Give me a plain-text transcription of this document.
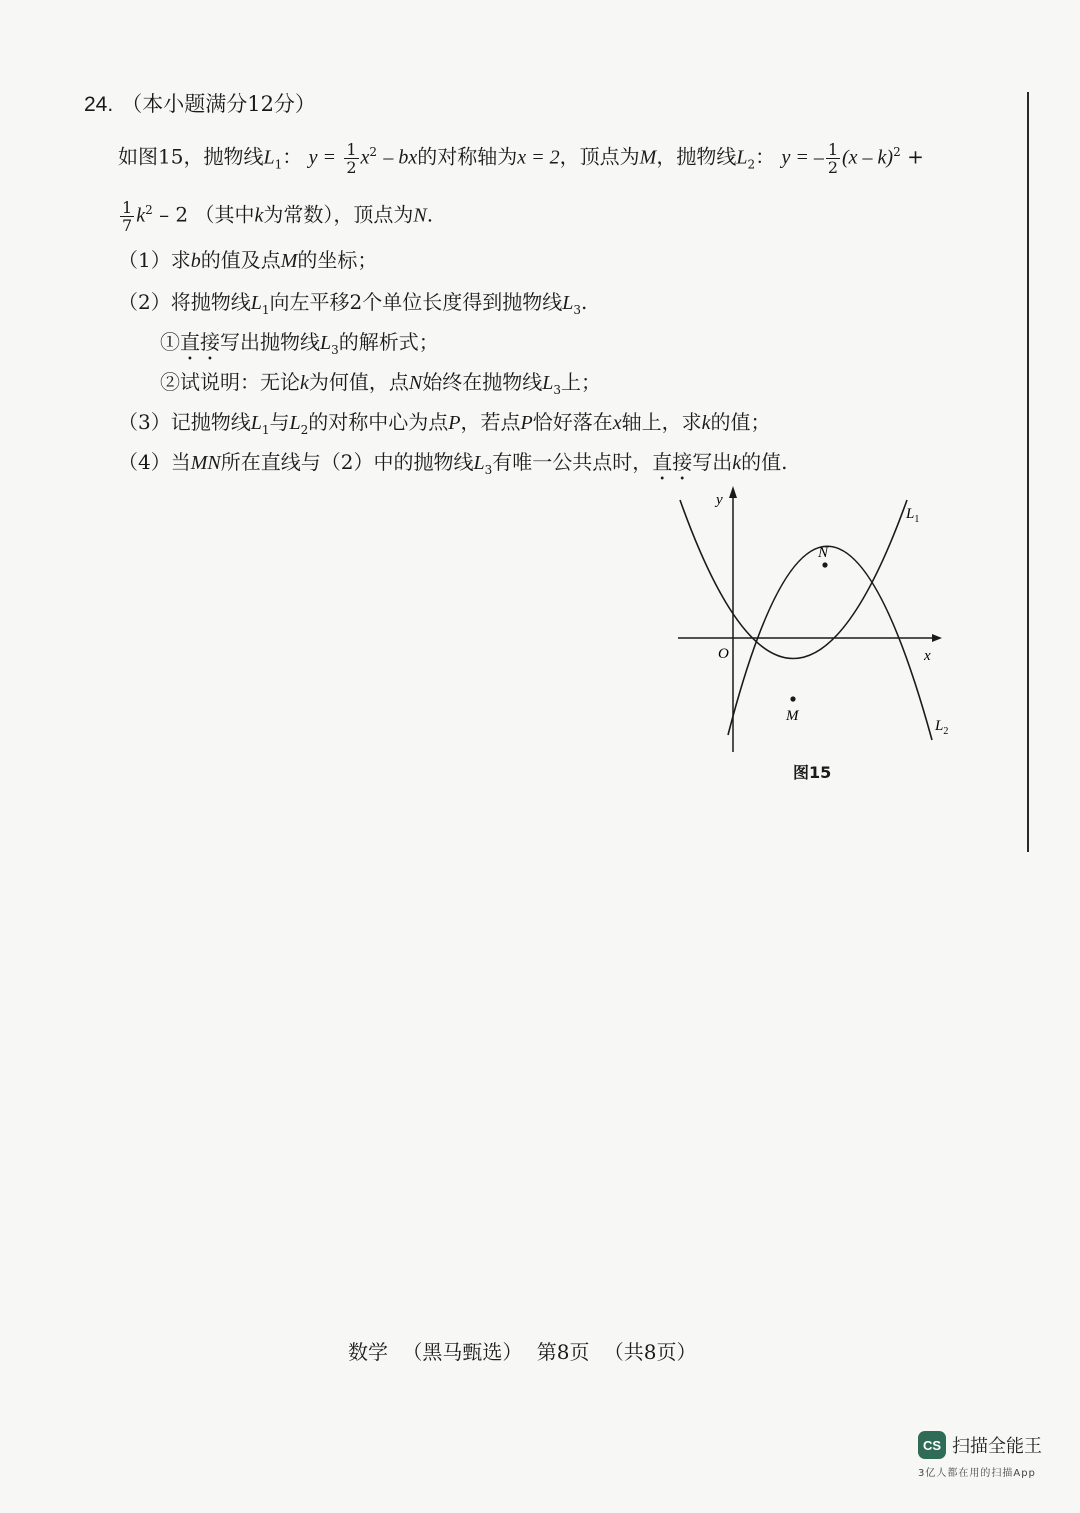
24. （本小题满分12分）
如图15，抛物线$L_1$： $y = \frac{1}{2} x^2$ – bx的对称轴为x = 2，顶点为M，抛物线$L_2$： y = – $\frac{1}{2} (x - k)^2$ +
$\frac{1}{7} k^2 - 2$ （其中k为常数），顶点为N.
（1）求b的值及点M的坐标；
（2）将抛物线$L_1$向左平移2个单位长度得到抛物线$L_3$.
①直接写出抛物线$L_3$的解析式；
②试说明：无论k为何值，点N始终在抛物线$L_3$上；
（3）记抛物线$L_1$与$L_2$的对称中心为点P，若点P恰好落在x轴上，求k的值；
（4）当MN所在直线与（2）中的抛物线$L_3$有唯一公共点时，直接写出k的值.
y
x
O
N
M
$L_1$
$L_2$
图15
数学 （黑马甄选） 第8页 （共8页）
CS 扫描全能王
3亿人都在用的扫描App
